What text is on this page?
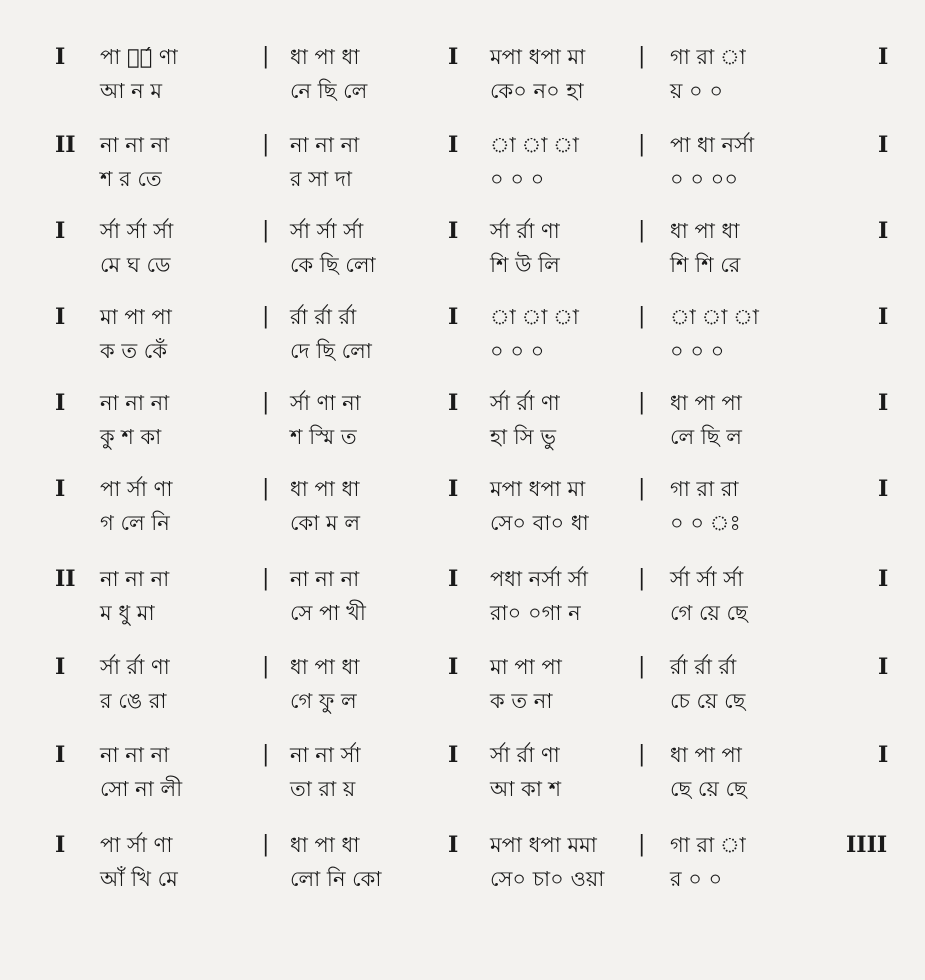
I পা সা́ ণা	| ধা পা ধা	I মপা ধপা মা | গা রা া	I
আ ন ম	নে ছি লে	কে০ ন০ হা	য় ০ ০
II না না না	| না না না	I া া া	| পা ধা নর্সা	I
শ র তে	র সা দা	০ ০ ০	০ ০ ০০
I র্সা র্সা র্সা	| র্সা র্সা র্সা	I র্সা র্রা ণা	| ধা পা ধা	I
মে ঘ ডে	কে ছি লো	শি উ লি	শি শি রে
I মা পা পা	| র্রা র্রা র্রা	I া া া	| া া া	I
ক ত কেঁ	দে ছি লো	০ ০ ০	০ ০ ০
I না না না	| র্সা ণা না	I র্সা র্রা ণা	| ধা পা পা	I
কু শ কা	শ স্মি ত	হা সি ভু	লে ছি ল
I পা র্সা ণা	| ধা পা ধা	I মপা ধপা মা | গা রা রা	I
গ লে নি	কো ম ল	সে০ বা০ ধা	০ ০ ঃ
II না না না	| না না না	I পধা নর্সা র্সা | র্সা র্সা র্সা	I
ম ধু মা	সে পা খী	রা০ ০গা ন	গে য়ে ছে
I র্সা র্রা ণা	| ধা পা ধা	I মা পা পা	| র্রা র্রা র্রা	I
র ঙে রা	গে ফু ল	ক ত না	চে য়ে ছে
I না না না	| না না র্সা	I র্সা র্রা ণা	| ধা পা পা	I
সো না লী	তা রা য়	আ কা শ	ছে য়ে ছে
I পা র্সা ণা	| ধা পা ধা	I মপা ধপা মমা | গা রা া	IIII
আঁ খি মে	লো নি কো	সে০ চা০ ওয়া	র ০ ০
